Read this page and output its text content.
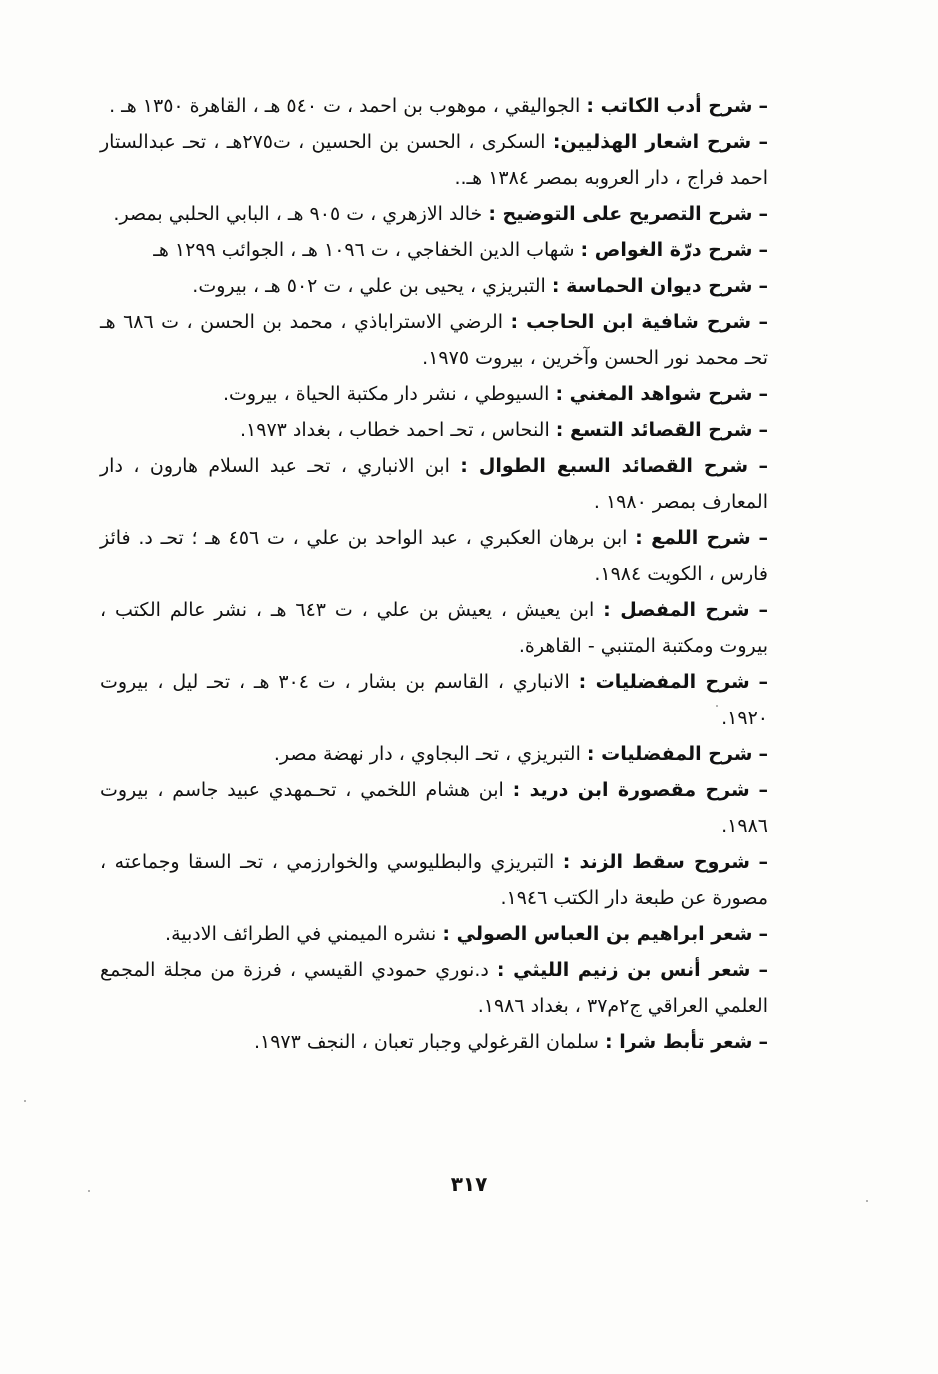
– شرح أدب الكاتب : الجواليقي ، موهوب بن احمد ، ت ٥٤٠ هـ ، القاهرة ١٣٥٠ هـ .

– شرح اشعار الهذليين: السكرى ، الحسن بن الحسين ، ت٢٧٥هـ ، تحـ عبدالستار احمد فراج ، دار العروبه بمصر ١٣٨٤ هـ..

– شرح التصريح على التوضيح : خالد الازهري ، ت ٩٠٥ هـ ، البابي الحلبي بمصر.

– شرح درّة الغواص : شهاب الدين الخفاجي ، ت ١٠٩٦ هـ ، الجوائب ١٢٩٩ هـ

– شرح ديوان الحماسة : التبريزي ، يحيى بن علي ، ت ٥٠٢ هـ ، بيروت.

– شرح شافية ابن الحاجب : الرضي الاستراباذي ، محمد بن الحسن ، ت ٦٨٦ هـ تحـ محمد نور الحسن وآخرين ، بيروت ١٩٧٥.

– شرح شواهد المغني : السيوطي ، نشر دار مكتبة الحياة ، بيروت.

– شرح القصائد التسع : النحاس ، تحـ احمد خطاب ، بغداد ١٩٧٣.

– شرح القصائد السبع الطوال : ابن الانباري ، تحـ عبد السلام هارون ، دار المعارف بمصر ١٩٨٠ .

– شرح اللمع : ابن برهان العكبري ، عبد الواحد بن علي ، ت ٤٥٦ هـ ؛ تحـ د. فائز فارس ، الكويت ١٩٨٤.

– شرح المفصل : ابن يعيش ، يعيش بن علي ، ت ٦٤٣ هـ ، نشر عالم الكتب ، بيروت ومكتبة المتنبي - القاهرة.

– شرح المفضليات : الانباري ، القاسم بن بشار ، ت ٣٠٤ هـ ، تحـ ليل ، بيروت ١٩٢٠.

– شرح المفضليات : التبريزي ، تحـ البجاوي ، دار نهضة مصر.

– شرح مقصورة ابن دريد : ابن هشام اللخمي ، تحـمهدي عبيد جاسم ، بيروت ١٩٨٦.

– شروح سقط الزند : التبريزي والبطليوسي والخوارزمي ، تحـ السقا وجماعته ، مصورة عن طبعة دار الكتب ١٩٤٦.

– شعر ابراهيم بن العباس الصولي : نشره الميمني في الطرائف الادبية.

– شعر أنس بن زنيم الليثي : د.نوري حمودي القيسي ، فرزة من مجلة المجمع العلمي العراقي ج٢م٣٧ ، بغداد ١٩٨٦.

– شعر تأبط شرا : سلمان القرغولي وجبار تعبان ، النجف ١٩٧٣.

٣١٧
